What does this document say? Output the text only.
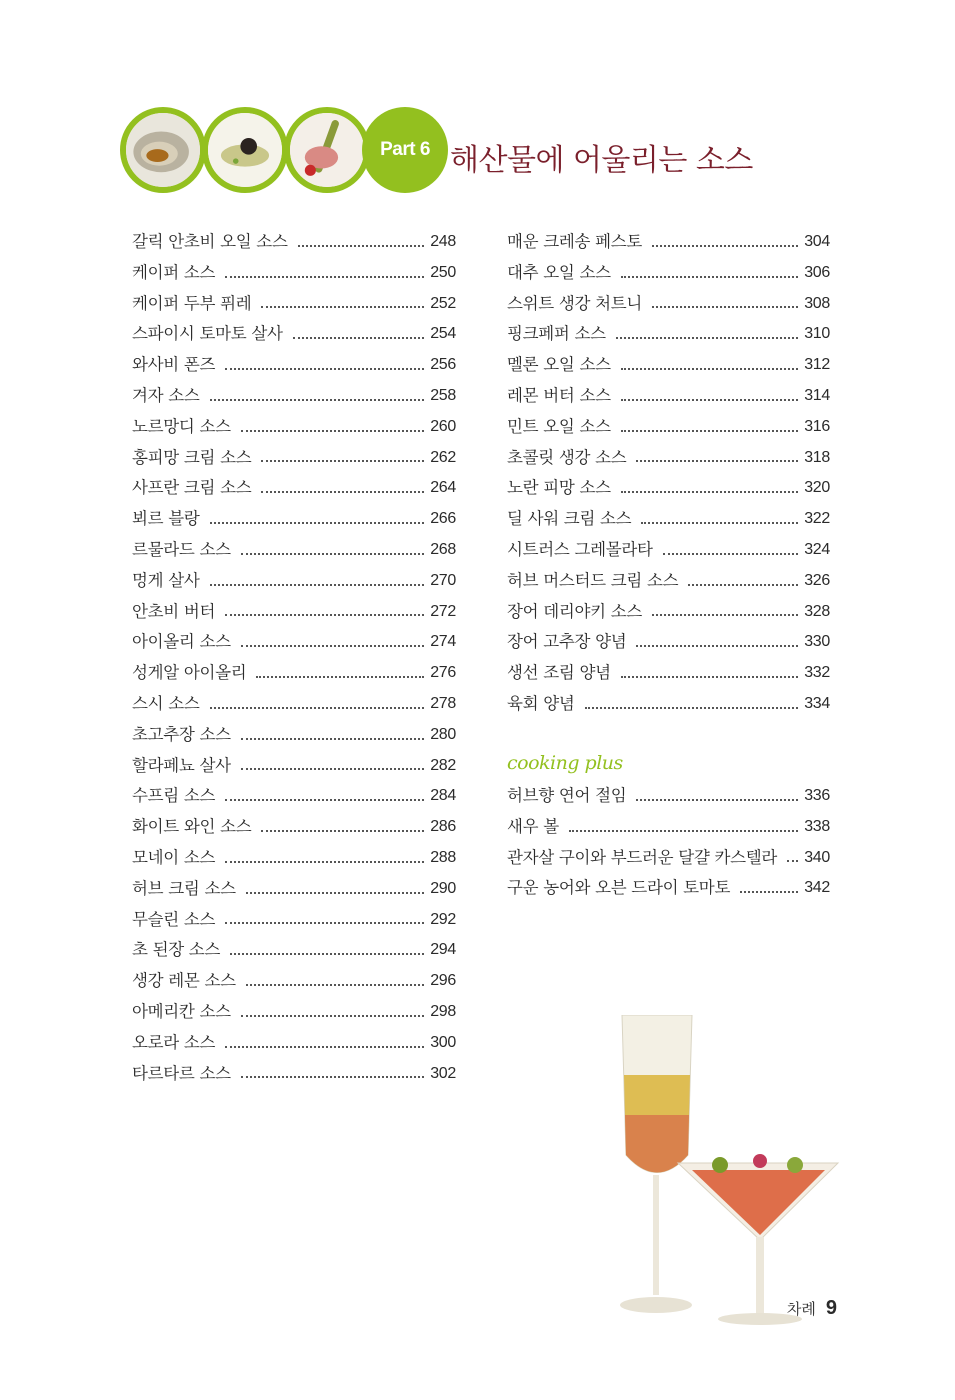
Part 6 해산물에 어울리는 소스
갈릭 안초비 오일 소스	248
케이퍼 소스	250
케이퍼 두부 퓌레	252
스파이시 토마토 살사	254
와사비 폰즈	256
겨자 소스	258
노르망디 소스	260
홍피망 크림 소스	262
사프란 크림 소스	264
뵈르 블랑	266
르물라드 소스	268
멍게 살사	270
안초비 버터	272
아이올리 소스	274
성게알 아이올리	276
스시 소스	278
초고추장 소스	280
할라페뇨 살사	282
수프림 소스	284
화이트 와인 소스	286
모네이 소스	288
허브 크림 소스	290
무슬린 소스	292
초 된장 소스	294
생강 레몬 소스	296
아메리칸 소스	298
오로라 소스	300
타르타르 소스	302
매운 크레송 페스토	304
대추 오일 소스	306
스위트 생강 처트니	308
핑크페퍼 소스	310
멜론 오일 소스	312
레몬 버터 소스	314
민트 오일 소스	316
초콜릿 생강 소스	318
노란 피망 소스	320
딜 사워 크림 소스	322
시트러스 그레몰라타	324
허브 머스터드 크림 소스	326
장어 데리야키 소스	328
장어 고추장 양념	330
생선 조림 양념	332
육회 양념	334
cooking plus
허브향 연어 절임	336
새우 볼	338
관자살 구이와 부드러운 달걀 카스텔라	340
구운 농어와 오븐 드라이 토마토	342
차례 9
